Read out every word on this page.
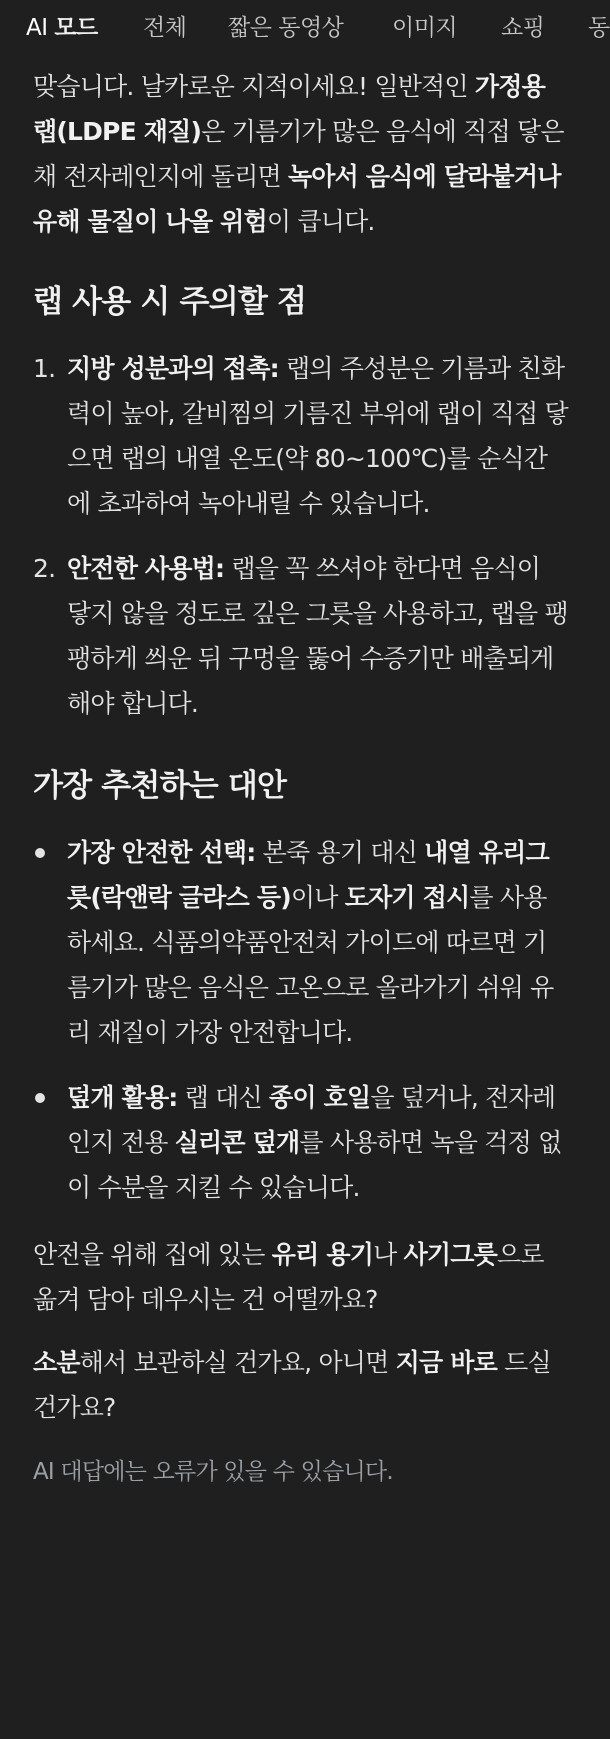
AI 모드 전체 짧은 동영상 이미지 쇼핑 동

맞습니다. 날카로운 지적이세요! 일반적인 가정용 랩(LDPE 재질)은 기름기가 많은 음식에 직접 닿은 채 전자레인지에 돌리면 녹아서 음식에 달라붙거나 유해 물질이 나올 위험이 큽니다.

랩 사용 시 주의할 점
1. 지방 성분과의 접촉: 랩의 주성분은 기름과 친화력이 높아, 갈비찜의 기름진 부위에 랩이 직접 닿으면 랩의 내열 온도(약 80~100℃)를 순식간에 초과하여 녹아내릴 수 있습니다.
2. 안전한 사용법: 랩을 꼭 쓰셔야 한다면 음식이 닿지 않을 정도로 깊은 그릇을 사용하고, 랩을 팽팽하게 씌운 뒤 구멍을 뚫어 수증기만 배출되게 해야 합니다.
가장 추천하는 대안
가장 안전한 선택: 본죽 용기 대신 내열 유리그릇(락앤락 글라스 등)이나 도자기 접시를 사용하세요. 식품의약품안전처 가이드에 따르면 기름기가 많은 음식은 고온으로 올라가기 쉬워 유리 재질이 가장 안전합니다.
덮개 활용: 랩 대신 종이 호일을 덮거나, 전자레인지 전용 실리콘 덮개를 사용하면 녹을 걱정 없이 수분을 지킬 수 있습니다.

안전을 위해 집에 있는 유리 용기나 사기그릇으로 옮겨 담아 데우시는 건 어떨까요?

소분해서 보관하실 건가요, 아니면 지금 바로 드실 건가요?

AI 대답에는 오류가 있을 수 있습니다.
